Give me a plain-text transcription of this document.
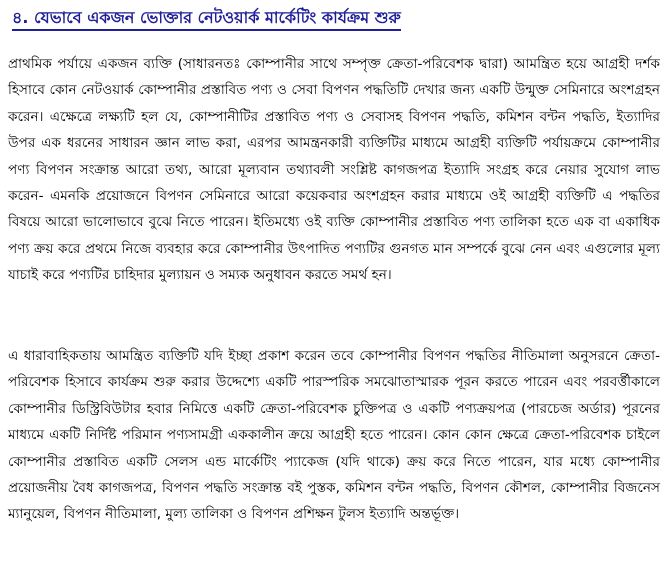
৪. যেভাবে একজন ভোক্তার নেটওয়ার্ক মার্কেটিং কার্যক্রম শুরু

প্রাথমিক পর্যায়ে একজন ব্যক্তি (সাধারনতঃ কোম্পানীর সাথে সম্পৃক্ত ক্রেতা-পরিবেশক দ্বারা) আমন্ত্রিত হয়ে আগ্রহী দর্শক হিসাবে কোন নেটওয়ার্ক কোম্পানীর প্রস্তাবিত পণ্য ও সেবা বিপণন পদ্ধতিটি দেখার জন্য একটি উন্মুক্ত সেমিনারে অংশগ্রহন করেন। এক্ষেত্রে লক্ষ্যটি হল যে, কোম্পানীটির প্রস্তাবিত পণ্য ও সেবাসহ বিপণন পদ্ধতি, কমিশন বন্টন পদ্ধতি, ইত্যাদির উপর এক ধরনের সাধারন জ্ঞান লাভ করা, এরপর আমন্ত্রনকারী ব্যক্তিটির মাধ্যমে আগ্রহী ব্যক্তিটি পর্যায়ক্রমে কোম্পানীর পণ্য বিপণন সংক্রান্ত আরো তথ্য, আরো মূল্যবান তথ্যাবলী সংশ্লিষ্ট কাগজপত্র ইত্যাদি সংগ্রহ করে নেয়ার সুযোগ লাভ করেন- এমনকি প্রয়োজনে বিপণন সেমিনারে আরো কয়েকবার অংশগ্রহন করার মাধ্যমে ওই আগ্রহী ব্যক্তিটি এ পদ্ধতির বিষয়ে আরো ভালোভাবে বুঝে নিতে পারেন। ইতিমধ্যে ওই ব্যক্তি কোম্পানীর প্রস্তাবিত পণ্য তালিকা হতে এক বা একাধিক পণ্য ক্রয় করে প্রথমে নিজে ব্যবহার করে কোম্পানীর উৎপাদিত পণ্যটির গুনগত মান সম্পর্কে বুঝে নেন এবং এগুলোর মূল্য যাচাই করে পণ্যটির চাহিদার মুল্যায়ন ও সম্যক অনুধাবন করতে সমর্থ হন।

এ ধারাবাহিকতায় আমন্ত্রিত ব্যক্তিটি যদি ইচ্ছা প্রকাশ করেন তবে কোম্পানীর বিপণন পদ্ধতির নীতিমালা অনুসরনে ক্রেতা-পরিবেশক হিসাবে কার্যক্রম শুরু করার উদ্দেশ্যে একটি পারস্পরিক সমঝোতাস্মারক পূরন করতে পারেন এবং পরবর্ত্তীকালে কোম্পানীর ডিস্ট্রিবিউটার হবার নিমিত্তে একটি ক্রেতা-পরিবেশক চুক্তিপত্র ও একটি পণ্যক্রয়পত্র (পারচেজ অর্ডার) পূরনের মাধ্যমে একটি নির্দিষ্ট পরিমান পণ্যসামগ্রী এককালীন ক্রয়ে আগ্রহী হতে পারেন। কোন কোন ক্ষেত্রে ক্রেতা-পরিবেশক চাইলে কোম্পানীর প্রস্তাবিত একটি সেলস এন্ড মার্কেটিং প্যাকেজ (যদি থাকে) ক্রয় করে নিতে পারেন, যার মধ্যে কোম্পানীর প্রয়োজনীয় বৈধ কাগজপত্র, বিপণন পদ্ধতি সংক্রান্ত বই পুস্তক, কমিশন বন্টন পদ্ধতি, বিপণন কৌশল, কোম্পানীর বিজনেস ম্যানুয়েল, বিপণন নীতিমালা, মুল্য তালিকা ও বিপণন প্রশিক্ষন টুলস ইত্যাদি অন্তর্ভূক্ত।
